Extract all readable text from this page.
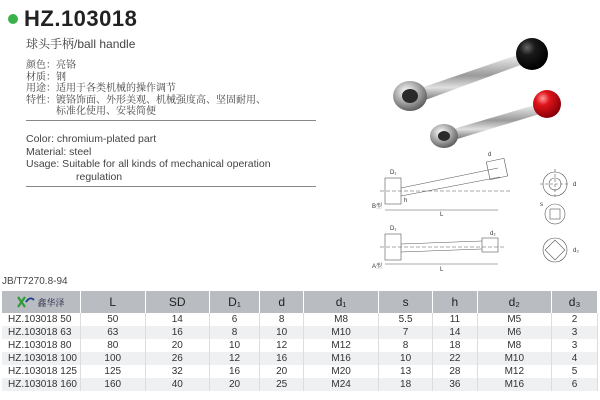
HZ.103018
球头手柄/ball handle
颜色：亮铬
材质：钢
用途：适用于各类机械的操作调节
特性：镀铬饰面、外形美观、机械强度高、坚固耐用、
　　　标准化使用、安装简便
Color: chromium-plated part
Material: steel
Usage: Suitable for all kinds of mechanical operation
regulation
B型
A型
L
L
D₁
D₁
d
d₂
d
s
d₃
h
JB/T7270.8-94
鑫华泽	L	SD	D₁	d	d₁	s	h	d₂	d₃
HZ.103018 50	50	14	6	8	M8	5.5	11	M5	2
HZ.103018 63	63	16	8	10	M10	7	14	M6	3
HZ.103018 80	80	20	10	12	M12	8	18	M8	3
HZ.103018 100	100	26	12	16	M16	10	22	M10	4
HZ.103018 125	125	32	16	20	M20	13	28	M12	5
HZ.103018 160	160	40	20	25	M24	18	36	M16	6
